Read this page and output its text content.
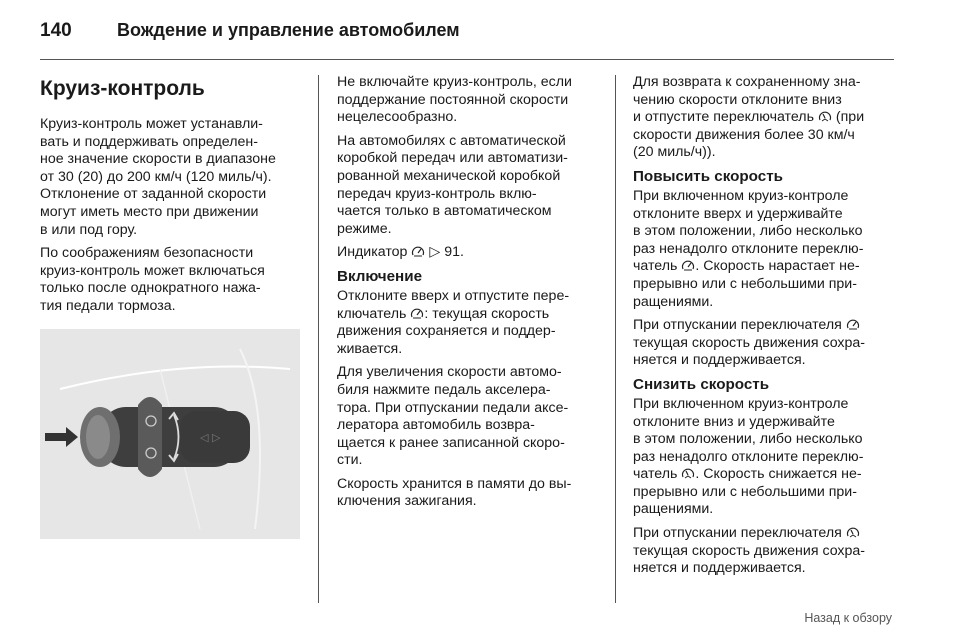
140	Вождение и управление автомобилем
Круиз-контроль

Круиз-контроль может устанавли-
вать и поддерживать определен-
ное значение скорости в диапазоне
от 30 (20) до 200 км/ч (120 миль/ч).
Отклонение от заданной скорости
могут иметь место при движении
в или под гору.

По соображениям безопасности
круиз-контроль может включаться
только после однократного нажа-
тия педали тормоза.

◁ ▷

Не включайте круиз-контроль, если
поддержание постоянной скорости
нецелесообразно.

На автомобилях с автоматической
коробкой передач или автоматизи-
рованной механической коробкой
передач круиз-контроль вклю-
чается только в автоматическом
режиме.

Индикатор ▷ 91.

Включение

Отклоните вверх и отпустите пере-
ключатель : текущая скорость
движения сохраняется и поддер-
живается.

Для увеличения скорости автомо-
биля нажмите педаль акселера-
тора. При отпускании педали аксе-
лератора автомобиль возвра-
щается к ранее записанной скоро-
сти.

Скорость хранится в памяти до вы-
ключения зажигания.

Для возврата к сохраненному зна-
чению скорости отклоните вниз
и отпустите переключатель (при
скорости движения более 30 км/ч
(20 миль/ч)).

Повысить скорость

При включенном круиз-контроле
отклоните вверх и удерживайте
в этом положении, либо несколько
раз ненадолго отклоните переклю-
чатель . Скорость нарастает не-
прерывно или с небольшими при-
ращениями.

При отпускании переключателя
текущая скорость движения сохра-
няется и поддерживается.

Снизить скорость

При включенном круиз-контроле
отклоните вниз и удерживайте
в этом положении, либо несколько
раз ненадолго отклоните переклю-
чатель . Скорость снижается не-
прерывно или с небольшими при-
ращениями.

При отпускании переключателя
текущая скорость движения сохра-
няется и поддерживается.

Назад к обзору
